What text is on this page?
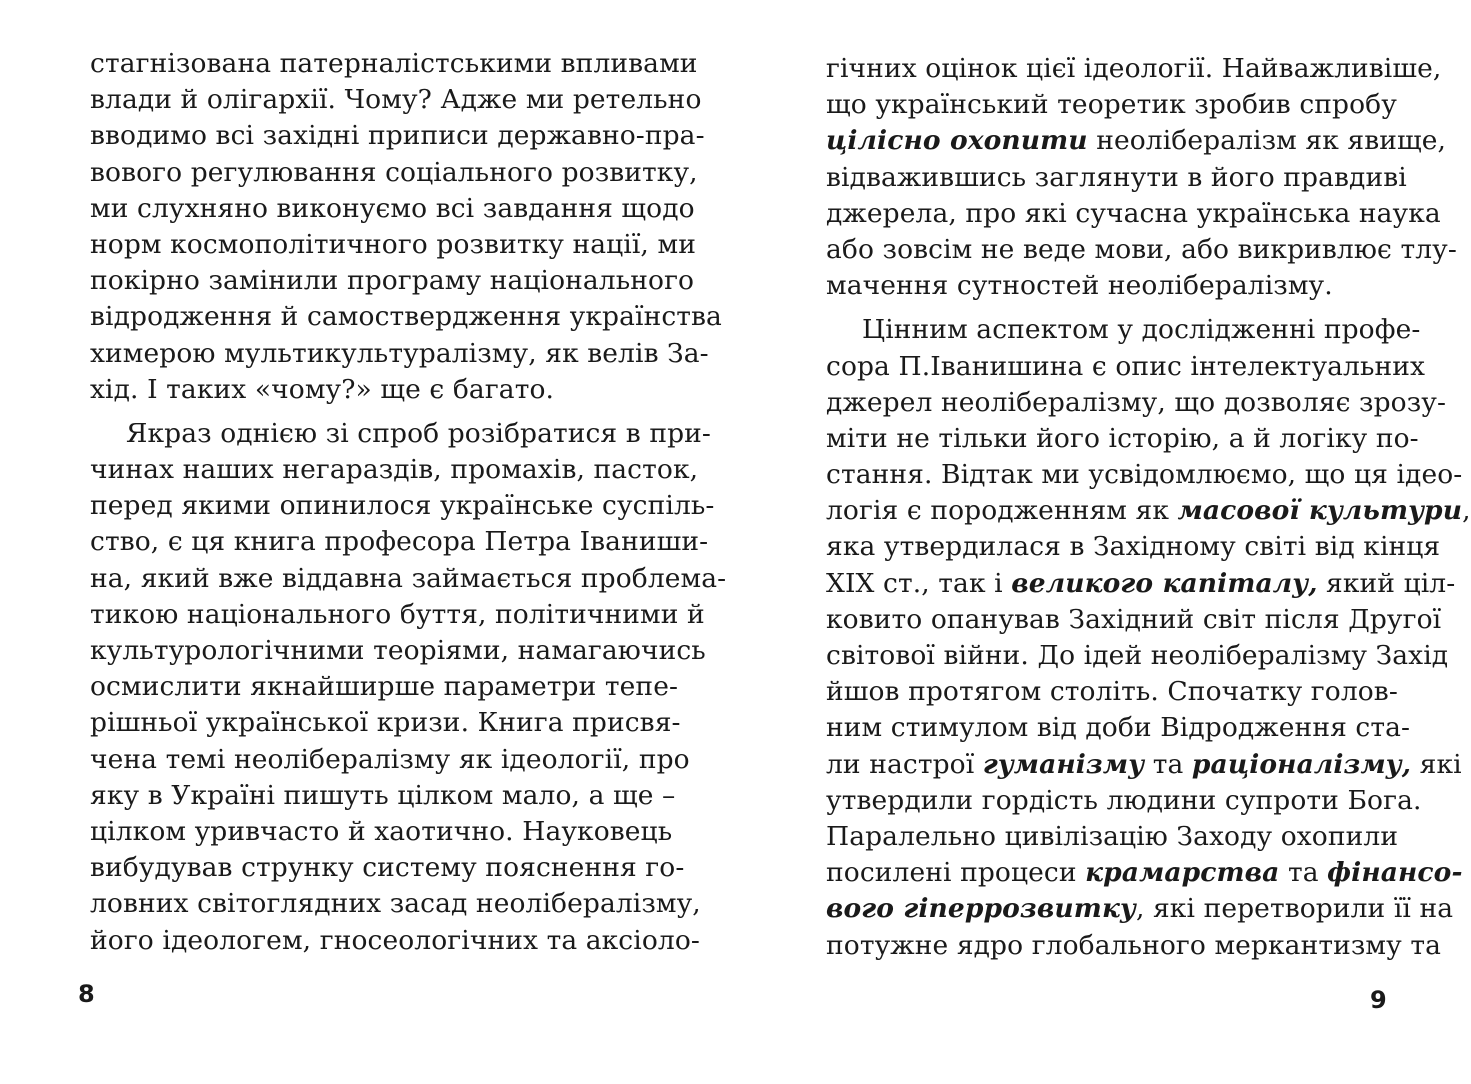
стагнізована патерналістськими впливами
влади й олігархії. Чому? Адже ми ретельно
вводимо всі західні приписи державно-пра-
вового регулювання соціального розвитку,
ми слухняно виконуємо всі завдання щодо
норм космополітичного розвитку нації, ми
покірно замінили програму національного
відродження й самоствердження українства
химерою мультикультуралізму, як велів За-
хід. І таких «чому?» ще є багато.
Якраз однією зі спроб розібратися в при-
чинах наших негараздів, промахів, пасток,
перед якими опинилося українське суспіль-
ство, є ця книга професора Петра Іваниши-
на, який вже віддавна займається проблема-
тикою національного буття, політичними й
культурологічними теоріями, намагаючись
осмислити якнайширше параметри тепе-
рішньої української кризи. Книга присвя-
чена темі неолібералізму як ідеології, про
яку в Україні пишуть цілком мало, а ще –
цілком уривчасто й хаотично. Науковець
вибудував струнку систему пояснення го-
ловних світоглядних засад неолібералізму,
його ідеологем, гносеологічних та аксіоло-
8
гічних оцінок цієї ідеології. Найважливіше,
що український теоретик зробив спробу
цілісно охопити неолібералізм як явище,
відважившись заглянути в його правдиві
джерела, про які сучасна українська наука
або зовсім не веде мови, або викривлює тлу-
мачення сутностей неолібералізму.
Цінним аспектом у дослідженні профе-
сора П.Іванишина є опис інтелектуальних
джерел неолібералізму, що дозволяє зрозу-
міти не тільки його історію, а й логіку по-
стання. Відтак ми усвідомлюємо, що ця ідео-
логія є породженням як масової культури,
яка утвердилася в Західному світі від кінця
XIX ст., так і великого капіталу, який ціл-
ковито опанував Західний світ після Другої
світової війни. До ідей неолібералізму Захід
йшов протягом століть. Спочатку голов-
ним стимулом від доби Відродження ста-
ли настрої гуманізму та раціоналізму, які
утвердили гордість людини супроти Бога.
Паралельно цивілізацію Заходу охопили
посилені процеси крамарства та фінансо-
вого гіперрозвитку, які перетворили її на
потужне ядро глобального меркантизму та
9
